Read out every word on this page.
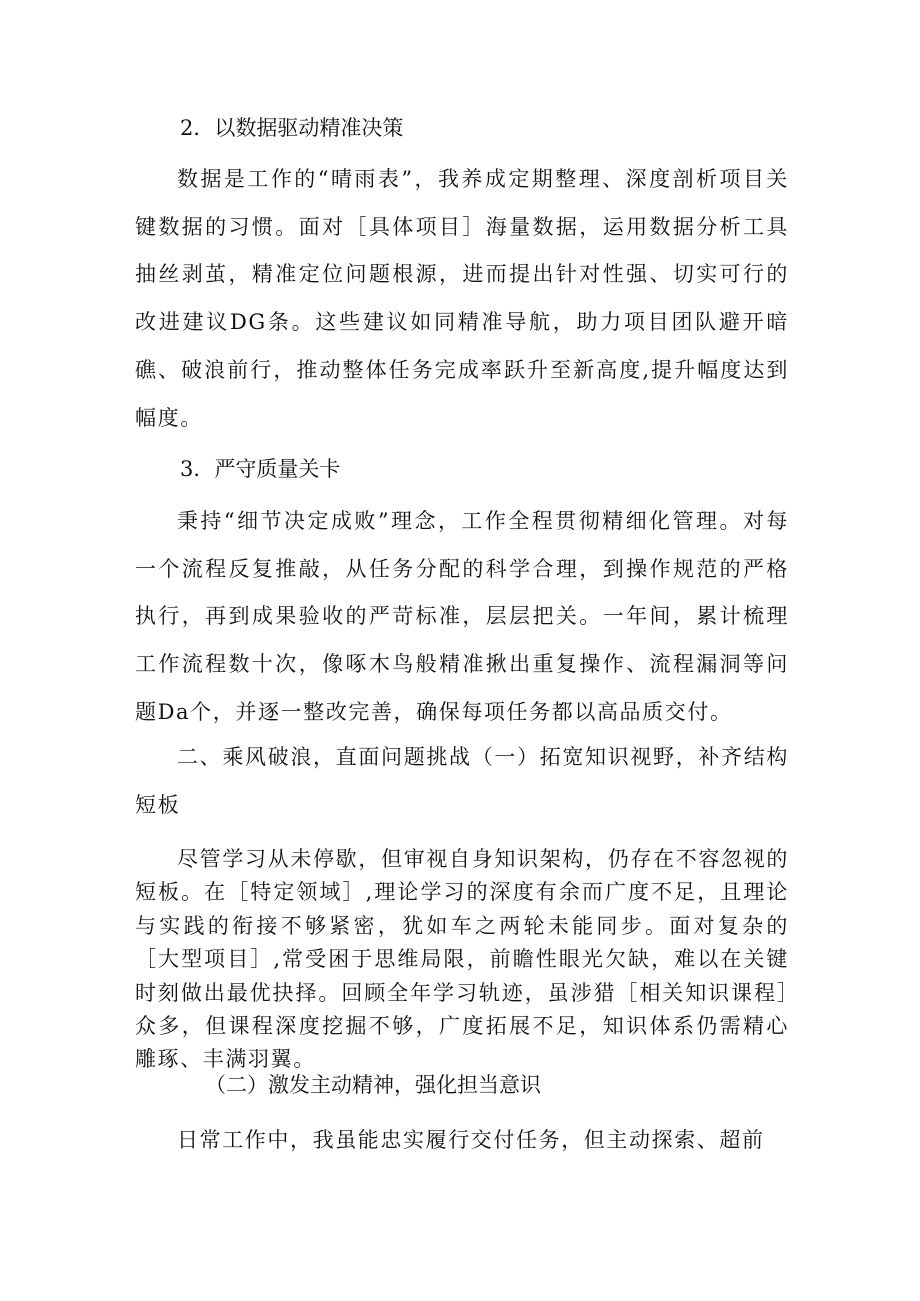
2．以数据驱动精准决策

数据是工作的“晴雨表”，我养成定期整理、深度剖析项目关键数据的习惯。面对［具体项目］海量数据，运用数据分析工具抽丝剥茧，精准定位问题根源，进而提出针对性强、切实可行的改进建议DG条。这些建议如同精准导航，助力项目团队避开暗礁、破浪前行，推动整体任务完成率跃升至新高度,提升幅度达到幅度。

3．严守质量关卡

秉持“细节决定成败”理念，工作全程贯彻精细化管理。对每一个流程反复推敲，从任务分配的科学合理，到操作规范的严格执行，再到成果验收的严苛标准，层层把关。一年间，累计梳理工作流程数十次，像啄木鸟般精准揪出重复操作、流程漏洞等问题Da个，并逐一整改完善，确保每项任务都以高品质交付。

二、乘风破浪，直面问题挑战（一）拓宽知识视野，补齐结构短板

尽管学习从未停歇，但审视自身知识架构，仍存在不容忽视的短板。在［特定领域］,理论学习的深度有余而广度不足，且理论与实践的衔接不够紧密，犹如车之两轮未能同步。面对复杂的［大型项目］,常受困于思维局限，前瞻性眼光欠缺，难以在关键时刻做出最优抉择。回顾全年学习轨迹，虽涉猎［相关知识课程］众多，但课程深度挖掘不够，广度拓展不足，知识体系仍需精心雕琢、丰满羽翼。

（二）激发主动精神，强化担当意识

日常工作中，我虽能忠实履行交付任务，但主动探索、超前
